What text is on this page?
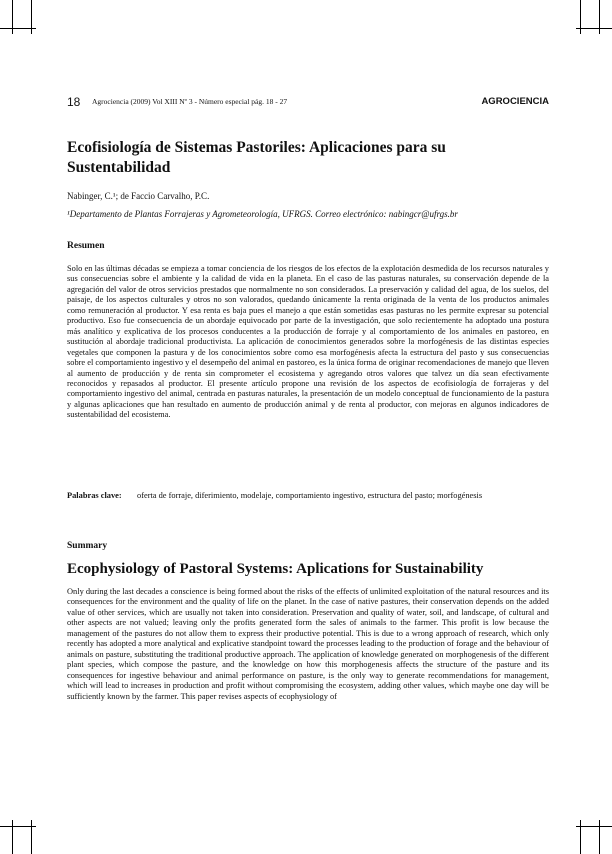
18 Agrociencia (2009) Vol XIII Nº 3 - Número especial pág. 18 - 27	AGROCIENCIA
Ecofisiología de Sistemas Pastoriles: Aplicaciones para su Sustentabilidad
Nabinger, C.¹; de Faccio Carvalho, P.C.
¹Departamento de Plantas Forrajeras y Agrometeorología, UFRGS. Correo electrónico: nabingcr@ufrgs.br
Resumen

Solo en las últimas décadas se empieza a tomar conciencia de los riesgos de los efectos de la explotación desmedida de los recursos naturales y sus consecuencias sobre el ambiente y la calidad de vida en la planeta. En el caso de las pasturas naturales, su conservación depende de la agregación del valor de otros servicios prestados que normalmente no son considerados. La preservación y calidad del agua, de los suelos, del paisaje, de los aspectos culturales y otros no son valorados, quedando únicamente la renta originada de la venta de los productos animales como remuneración al productor. Y esa renta es baja pues el manejo a que están sometidas esas pasturas no les permite expresar su potencial productivo. Eso fue consecuencia de un abordaje equivocado por parte de la investigación, que solo recientemente ha adoptado una postura más analítico y explicativa de los procesos conducentes a la producción de forraje y al comportamiento de los animales en pastoreo, en sustitución al abordaje tradicional productivista. La aplicación de conocimientos generados sobre la morfogénesis de las distintas especies vegetales que componen la pastura y de los conocimientos sobre como esa morfogénesis afecta la estructura del pasto y sus consecuencias sobre el comportamiento ingestivo y el desempeño del animal en pastoreo, es la única forma de originar recomendaciones de manejo que lleven al aumento de producción y de renta sin comprometer el ecosistema y agregando otros valores que talvez un día sean efectivamente reconocidos y repasados al productor. El presente artículo propone una revisión de los aspectos de ecofisiología de forrajeras y del comportamiento ingestivo del animal, centrada en pasturas naturales, la presentación de un modelo conceptual de funcionamiento de la pastura y algunas aplicaciones que han resultado en aumento de producción animal y de renta al productor, con mejoras en algunos indicadores de sustentabilidad del ecosistema.

Palabras clave: oferta de forraje, diferimiento, modelaje, comportamiento ingestivo, estructura del pasto; morfogénesis
Summary
Ecophysiology of Pastoral Systems: Aplications for Sustainability

Only during the last decades a conscience is being formed about the risks of the effects of unlimited exploitation of the natural resources and its consequences for the environment and the quality of life on the planet. In the case of native pastures, their conservation depends on the added value of other services, which are usually not taken into consideration. Preservation and quality of water, soil, and landscape, of cultural and other aspects are not valued; leaving only the profits generated form the sales of animals to the farmer. This profit is low because the management of the pastures do not allow them to express their productive potential. This is due to a wrong approach of research, which only recently has adopted a more analytical and explicative standpoint toward the processes leading to the production of forage and the behaviour of animals on pasture, substituting the traditional productive approach. The application of knowledge generated on morphogenesis of the different plant species, which compose the pasture, and the knowledge on how this morphogenesis affects the structure of the pasture and its consequences for ingestive behaviour and animal performance on pasture, is the only way to generate recommendations for management, which will lead to increases in production and profit without compromising the ecosystem, adding other values, which maybe one day will be sufficiently known by the farmer. This paper revises aspects of ecophysiology of
